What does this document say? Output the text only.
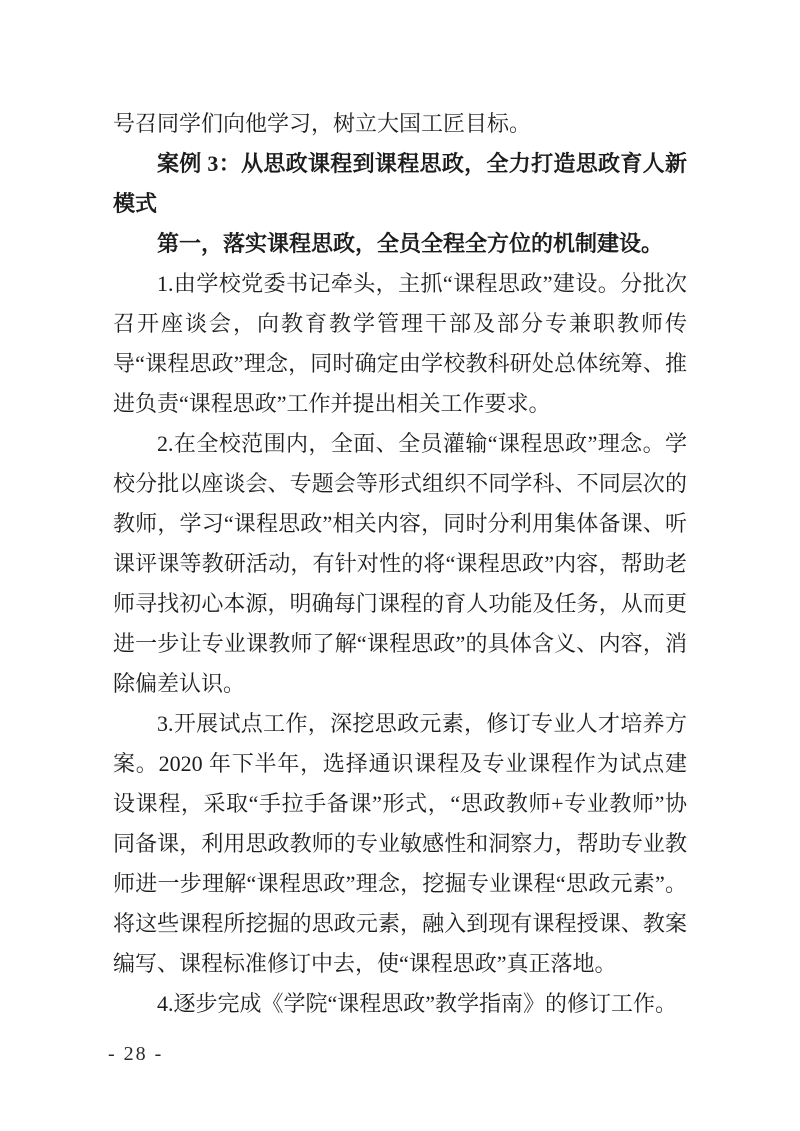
号召同学们向他学习，树立大国工匠目标。

案例 3：从思政课程到课程思政，全力打造思政育人新模式

第一，落实课程思政，全员全程全方位的机制建设。

1.由学校党委书记牵头，主抓“课程思政”建设。分批次召开座谈会，向教育教学管理干部及部分专兼职教师传导“课程思政”理念，同时确定由学校教科研处总体统筹、推进负责“课程思政”工作并提出相关工作要求。

2.在全校范围内，全面、全员灌输“课程思政”理念。学校分批以座谈会、专题会等形式组织不同学科、不同层次的教师，学习“课程思政”相关内容，同时分利用集体备课、听课评课等教研活动，有针对性的将“课程思政”内容，帮助老师寻找初心本源，明确每门课程的育人功能及任务，从而更进一步让专业课教师了解“课程思政”的具体含义、内容，消除偏差认识。

3.开展试点工作，深挖思政元素，修订专业人才培养方案。2020 年下半年，选择通识课程及专业课程作为试点建设课程，采取“手拉手备课”形式，“思政教师+专业教师”协同备课，利用思政教师的专业敏感性和洞察力，帮助专业教师进一步理解“课程思政”理念，挖掘专业课程“思政元素”。将这些课程所挖掘的思政元素，融入到现有课程授课、教案编写、课程标准修订中去，使“课程思政”真正落地。

4.逐步完成《学院“课程思政”教学指南》的修订工作。

- 28 -
